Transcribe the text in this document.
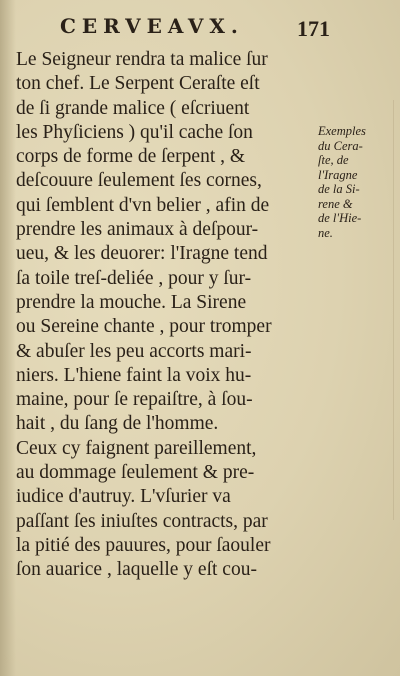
CERVEAVX. 171
Le Seigneur rendra ta malice ſur
ton chef. Le Serpent Ceraſte eſt
de ſi grande malice ( eſcriuent
les Phyſiciens ) qu'il cache ſon
corps de forme de ſerpent , &
deſcouure ſeulement ſes cornes,
qui ſemblent d'vn belier , afin de
prendre les animaux à deſpour-
ueu, & les deuorer: l'Iragne tend
ſa toile treſ-deliée , pour y ſur-
prendre la mouche. La Sirene
ou Sereine chante , pour tromper
& abuſer les peu accorts mari-
niers. L'hiene faint la voix hu-
maine, pour ſe repaiſtre, à ſou-
hait , du ſang de l'homme.
Ceux cy faignent pareillement,
au dommage ſeulement & pre-
iudice d'autruy. L'vſurier va
paſſant ſes iniuſtes contracts, par
la pitié des pauures, pour ſaouler
ſon auarice , laquelle y eſt cou-
Exemples
du Cera-
ſte, de
l'Iragne
de la Si-
rene &
de l'Hie-
ne.
